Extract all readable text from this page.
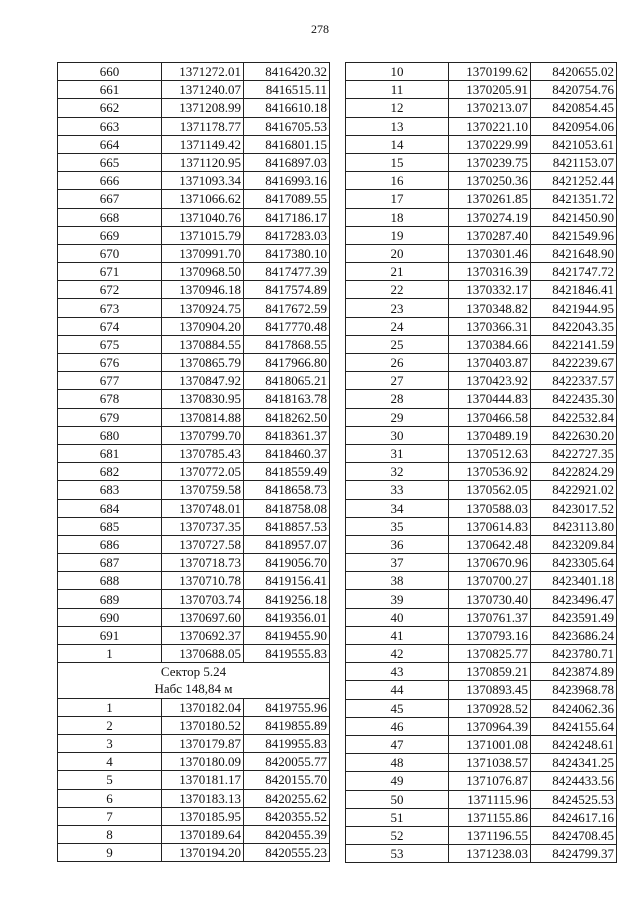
278
660	1371272.01	8416420.32
661	1371240.07	8416515.11
662	1371208.99	8416610.18
663	1371178.77	8416705.53
664	1371149.42	8416801.15
665	1371120.95	8416897.03
666	1371093.34	8416993.16
667	1371066.62	8417089.55
668	1371040.76	8417186.17
669	1371015.79	8417283.03
670	1370991.70	8417380.10
671	1370968.50	8417477.39
672	1370946.18	8417574.89
673	1370924.75	8417672.59
674	1370904.20	8417770.48
675	1370884.55	8417868.55
676	1370865.79	8417966.80
677	1370847.92	8418065.21
678	1370830.95	8418163.78
679	1370814.88	8418262.50
680	1370799.70	8418361.37
681	1370785.43	8418460.37
682	1370772.05	8418559.49
683	1370759.58	8418658.73
684	1370748.01	8418758.08
685	1370737.35	8418857.53
686	1370727.58	8418957.07
687	1370718.73	8419056.70
688	1370710.78	8419156.41
689	1370703.74	8419256.18
690	1370697.60	8419356.01
691	1370692.37	8419455.90
1	1370688.05	8419555.83
Сектор 5.24		
Набс 148,84 м		
1	1370182.04	8419755.96
2	1370180.52	8419855.89
3	1370179.87	8419955.83
4	1370180.09	8420055.77
5	1370181.17	8420155.70
6	1370183.13	8420255.62
7	1370185.95	8420355.52
8	1370189.64	8420455.39
9	1370194.20	8420555.23
10	1370199.62	8420655.02
11	1370205.91	8420754.76
12	1370213.07	8420854.45
13	1370221.10	8420954.06
14	1370229.99	8421053.61
15	1370239.75	8421153.07
16	1370250.36	8421252.44
17	1370261.85	8421351.72
18	1370274.19	8421450.90
19	1370287.40	8421549.96
20	1370301.46	8421648.90
21	1370316.39	8421747.72
22	1370332.17	8421846.41
23	1370348.82	8421944.95
24	1370366.31	8422043.35
25	1370384.66	8422141.59
26	1370403.87	8422239.67
27	1370423.92	8422337.57
28	1370444.83	8422435.30
29	1370466.58	8422532.84
30	1370489.19	8422630.20
31	1370512.63	8422727.35
32	1370536.92	8422824.29
33	1370562.05	8422921.02
34	1370588.03	8423017.52
35	1370614.83	8423113.80
36	1370642.48	8423209.84
37	1370670.96	8423305.64
38	1370700.27	8423401.18
39	1370730.40	8423496.47
40	1370761.37	8423591.49
41	1370793.16	8423686.24
42	1370825.77	8423780.71
43	1370859.21	8423874.89
44	1370893.45	8423968.78
45	1370928.52	8424062.36
46	1370964.39	8424155.64
47	1371001.08	8424248.61
48	1371038.57	8424341.25
49	1371076.87	8424433.56
50	1371115.96	8424525.53
51	1371155.86	8424617.16
52	1371196.55	8424708.45
53	1371238.03	8424799.37
